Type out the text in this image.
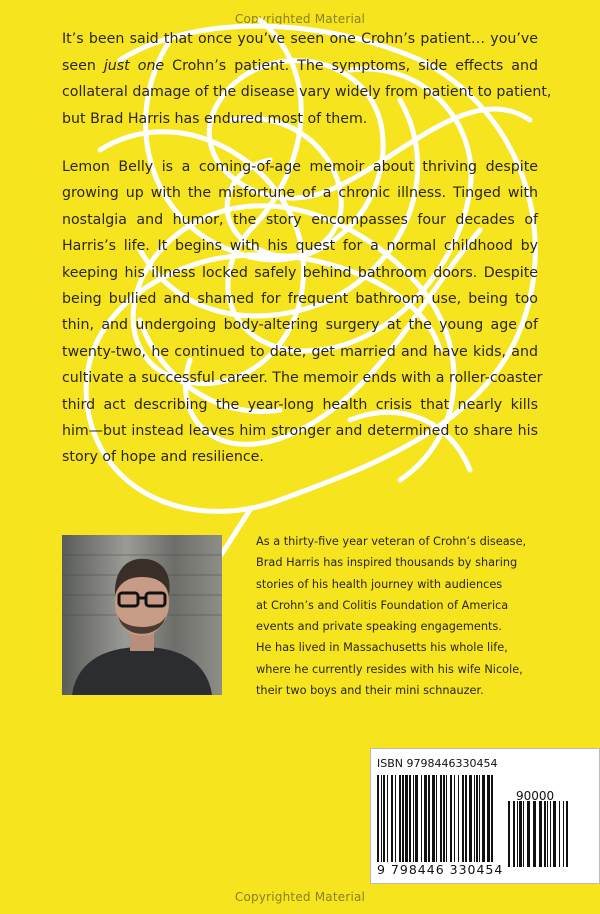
Copyrighted Material
It’s been said that once you’ve seen one Crohn’s patient… you’ve
seen just one Crohn’s patient. The symptoms, side effects and
collateral damage of the disease vary widely from patient to patient,
but Brad Harris has endured most of them.
Lemon Belly is a coming-of-age memoir about thriving despite
growing up with the misfortune of a chronic illness. Tinged with
nostalgia and humor, the story encompasses four decades of
Harris’s life. It begins with his quest for a normal childhood by
keeping his illness locked safely behind bathroom doors. Despite
being bullied and shamed for frequent bathroom use, being too
thin, and undergoing body-altering surgery at the young age of
twenty-two, he continued to date, get married and have kids, and
cultivate a successful career. The memoir ends with a roller-coaster
third act describing the year-long health crisis that nearly kills
him—but instead leaves him stronger and determined to share his
story of hope and resilience.
As a thirty-five year veteran of Crohn’s disease,
Brad Harris has inspired thousands by sharing
stories of his health journey with audiences
at Crohn’s and Colitis Foundation of America
events and private speaking engagements.
He has lived in Massachusetts his whole life,
where he currently resides with his wife Nicole,
their two boys and their mini schnauzer.
ISBN 9798446330454
90000
9 798446 330454
Copyrighted Material
